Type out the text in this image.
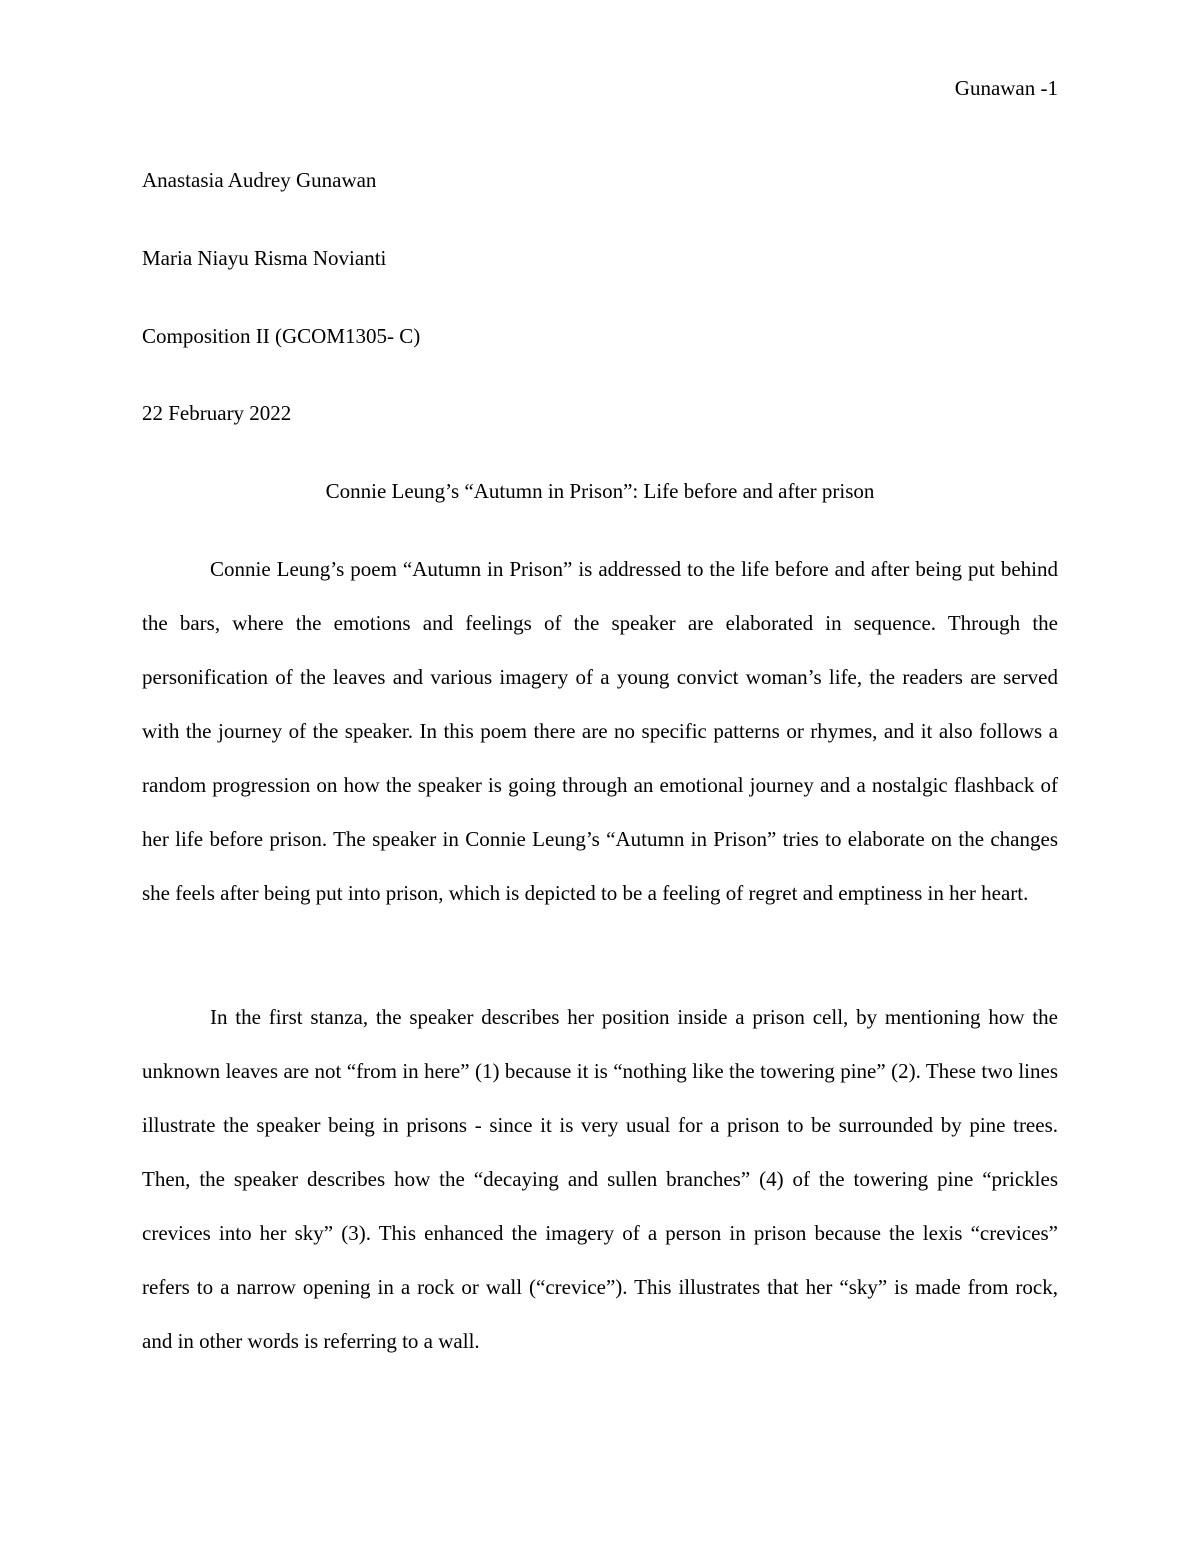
Gunawan -1
Anastasia Audrey Gunawan
Maria Niayu Risma Novianti
Composition II (GCOM1305- C)
22 February 2022
Connie Leung’s “Autumn in Prison”: Life before and after prison

Connie Leung’s poem “Autumn in Prison” is addressed to the life before and after being put behind the bars, where the emotions and feelings of the speaker are elaborated in sequence. Through the personification of the leaves and various imagery of a young convict woman’s life, the readers are served with the journey of the speaker. In this poem there are no specific patterns or rhymes, and it also follows a random progression on how the speaker is going through an emotional journey and a nostalgic flashback of her life before prison. The speaker in Connie Leung’s “Autumn in Prison” tries to elaborate on the changes she feels after being put into prison, which is depicted to be a feeling of regret and emptiness in her heart.

In the first stanza, the speaker describes her position inside a prison cell, by mentioning how the unknown leaves are not “from in here” (1) because it is “nothing like the towering pine” (2). These two lines illustrate the speaker being in prisons - since it is very usual for a prison to be surrounded by pine trees. Then, the speaker describes how the “decaying and sullen branches” (4) of the towering pine “prickles crevices into her sky” (3). This enhanced the imagery of a person in prison because the lexis “crevices” refers to a narrow opening in a rock or wall (“crevice”). This illustrates that her “sky” is made from rock, and in other words is referring to a wall.
